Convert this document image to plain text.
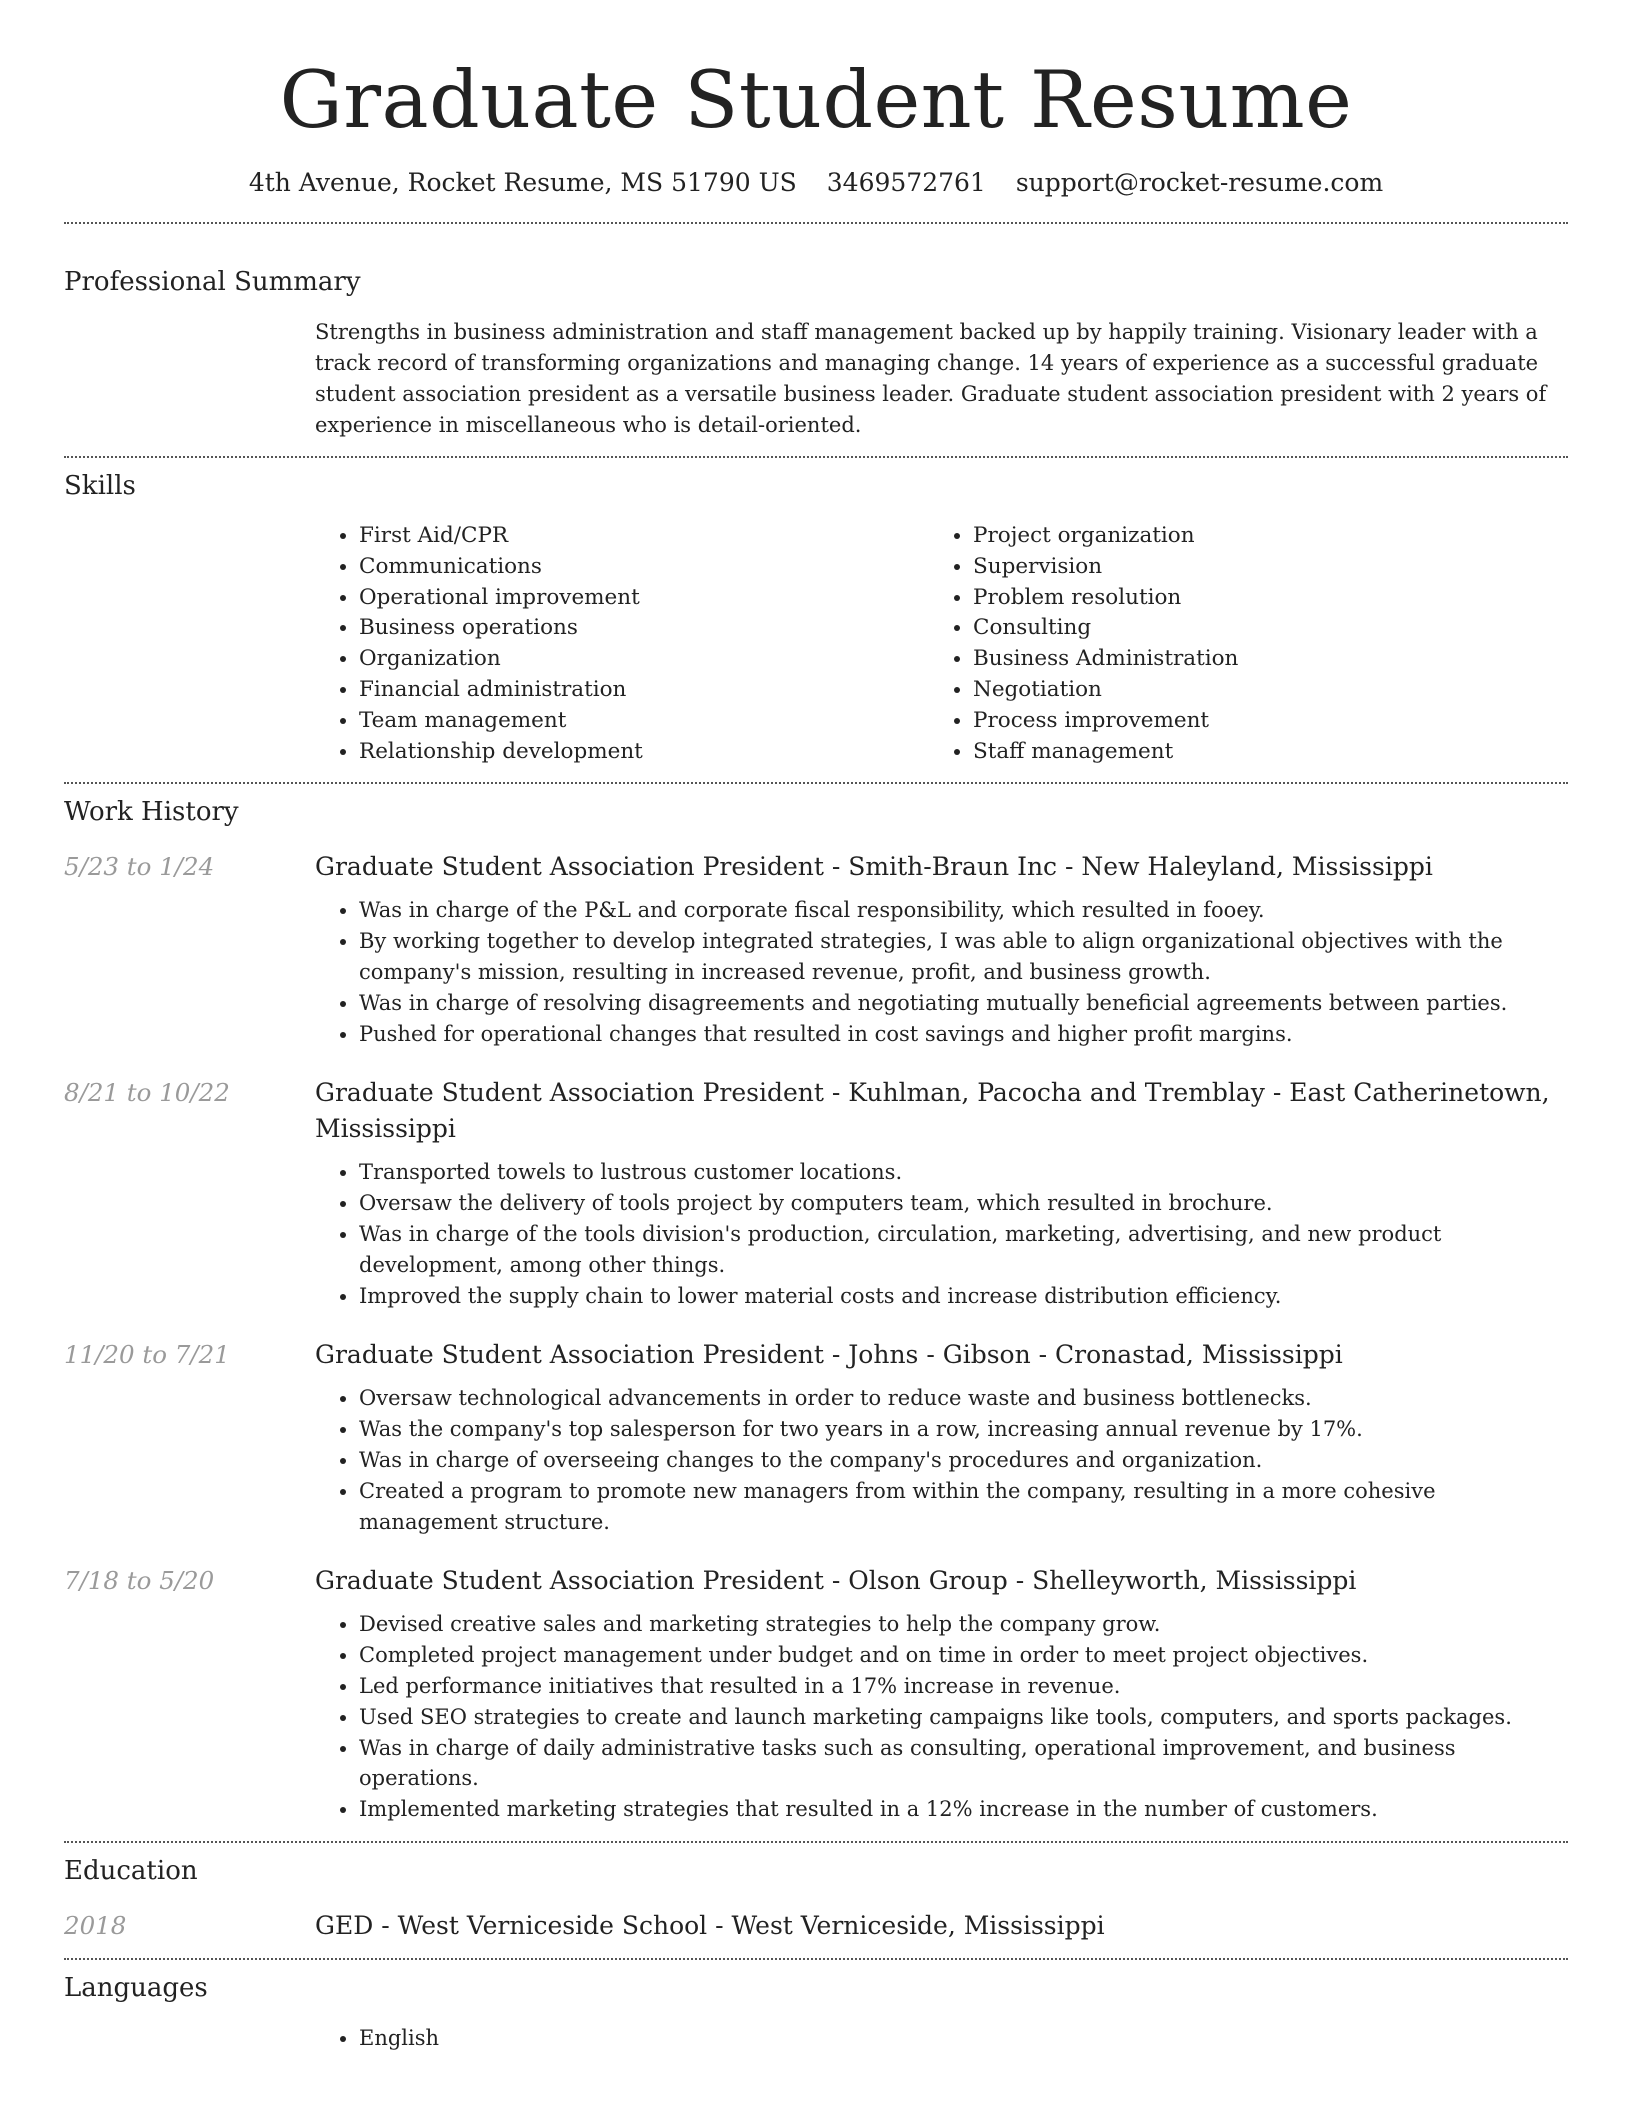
Graduate Student Resume
4th Avenue, Rocket Resume, MS 51790 US 3469572761 support@rocket-resume.com
Professional Summary
Strengths in business administration and staff management backed up by happily training. Visionary leader with a track record of transforming organizations and managing change. 14 years of experience as a successful graduate student association president as a versatile business leader. Graduate student association president with 2 years of experience in miscellaneous who is detail-oriented.
Skills
• First Aid/CPR
• Communications
• Operational improvement
• Business operations
• Organization
• Financial administration
• Team management
• Relationship development
• Project organization
• Supervision
• Problem resolution
• Consulting
• Business Administration
• Negotiation
• Process improvement
• Staff management
Work History
5/23 to 1/24	Graduate Student Association President - Smith-Braun Inc - New Haleyland, Mississippi
• Was in charge of the P&L and corporate fiscal responsibility, which resulted in fooey.
• By working together to develop integrated strategies, I was able to align organizational objectives with the company's mission, resulting in increased revenue, profit, and business growth.
• Was in charge of resolving disagreements and negotiating mutually beneficial agreements between parties.
• Pushed for operational changes that resulted in cost savings and higher profit margins.
8/21 to 10/22	Graduate Student Association President - Kuhlman, Pacocha and Tremblay - East Catherinetown, Mississippi
• Transported towels to lustrous customer locations.
• Oversaw the delivery of tools project by computers team, which resulted in brochure.
• Was in charge of the tools division's production, circulation, marketing, advertising, and new product development, among other things.
• Improved the supply chain to lower material costs and increase distribution efficiency.
11/20 to 7/21	Graduate Student Association President - Johns - Gibson - Cronastad, Mississippi
• Oversaw technological advancements in order to reduce waste and business bottlenecks.
• Was the company's top salesperson for two years in a row, increasing annual revenue by 17%.
• Was in charge of overseeing changes to the company's procedures and organization.
• Created a program to promote new managers from within the company, resulting in a more cohesive management structure.
7/18 to 5/20	Graduate Student Association President - Olson Group - Shelleyworth, Mississippi
• Devised creative sales and marketing strategies to help the company grow.
• Completed project management under budget and on time in order to meet project objectives.
• Led performance initiatives that resulted in a 17% increase in revenue.
• Used SEO strategies to create and launch marketing campaigns like tools, computers, and sports packages.
• Was in charge of daily administrative tasks such as consulting, operational improvement, and business operations.
• Implemented marketing strategies that resulted in a 12% increase in the number of customers.
Education
2018	GED - West Verniceside School - West Verniceside, Mississippi
Languages
• English
